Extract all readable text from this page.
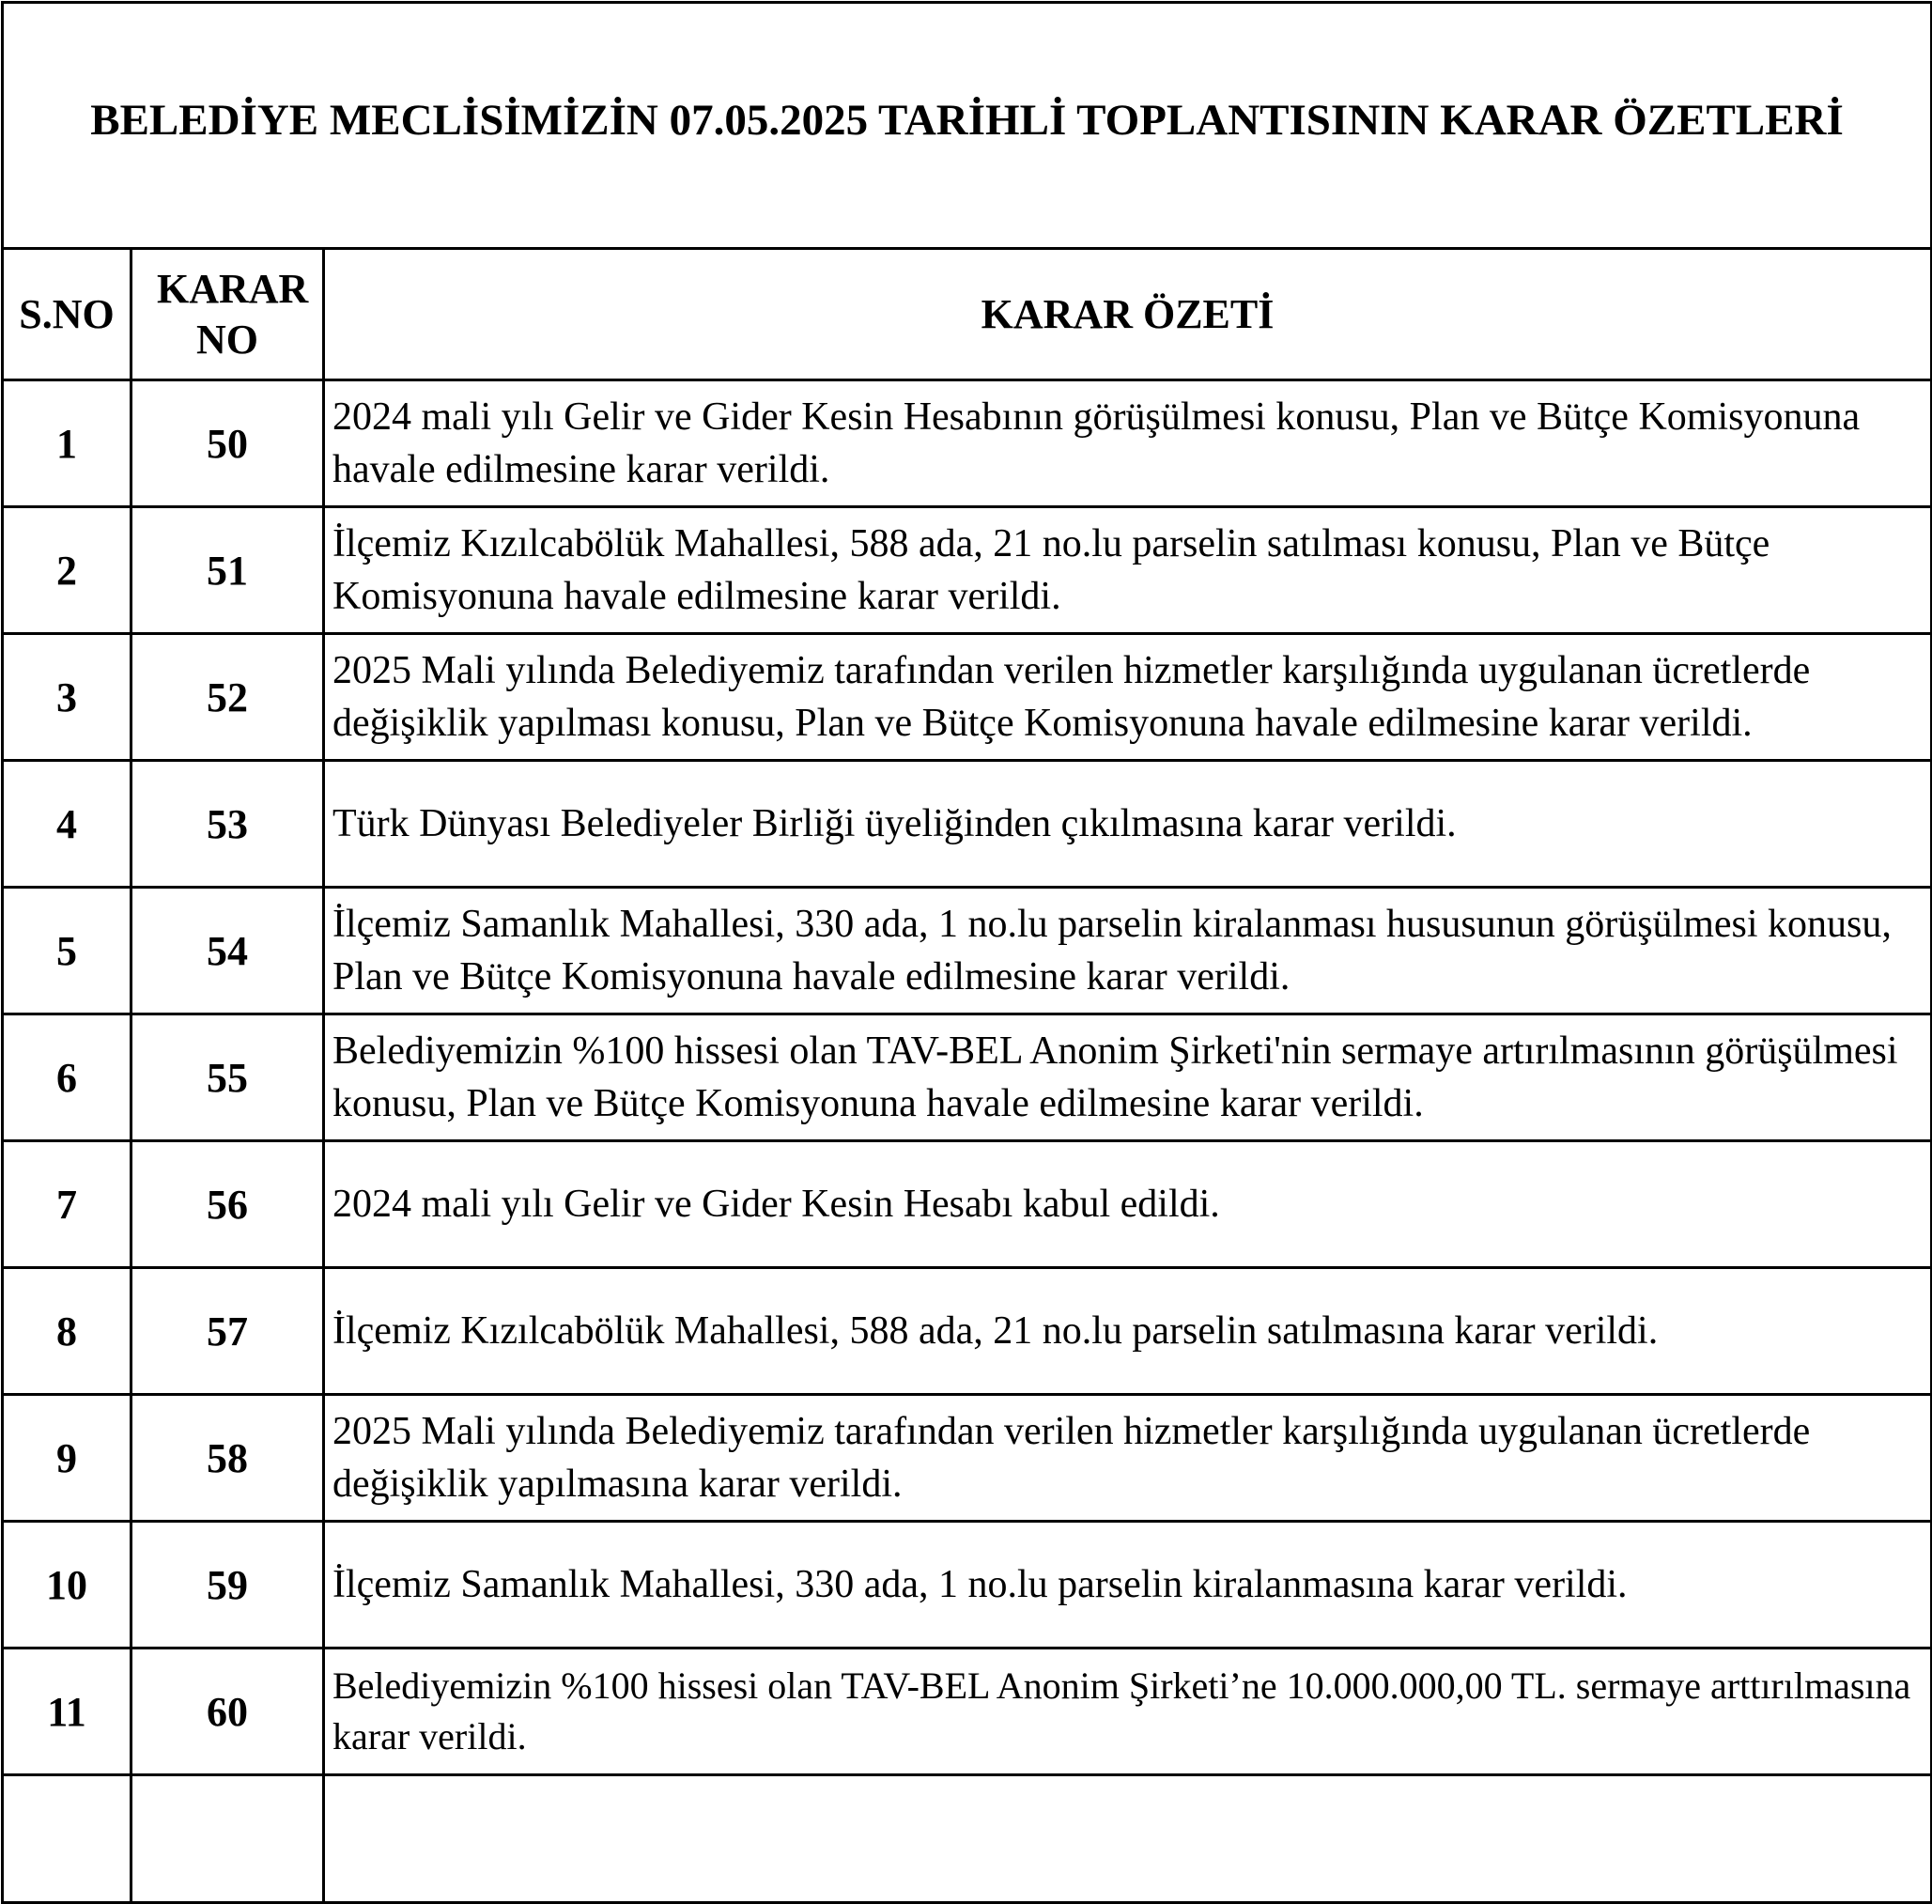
BELEDİYE MECLİSİMİZİN 07.05.2025 TARİHLİ TOPLANTISININ KARAR ÖZETLERİ		
S.NO	KARAR NO	KARAR ÖZETİ
1	50	2024 mali yılı Gelir ve Gider Kesin Hesabının görüşülmesi konusu, Plan ve Bütçe Komisyonuna havale edilmesine karar verildi.
2	51	İlçemiz Kızılcabölük Mahallesi, 588 ada, 21 no.lu parselin satılması konusu, Plan ve Bütçe Komisyonuna havale edilmesine karar verildi.
3	52	2025 Mali yılında Belediyemiz tarafından verilen hizmetler karşılığında uygulanan ücretlerde değişiklik yapılması konusu, Plan ve Bütçe Komisyonuna havale edilmesine karar verildi.
4	53	Türk Dünyası Belediyeler Birliği üyeliğinden çıkılmasına karar verildi.
5	54	İlçemiz Samanlık Mahallesi, 330 ada, 1 no.lu parselin kiralanması hususunun görüşülmesi konusu, Plan ve Bütçe Komisyonuna havale edilmesine karar verildi.
6	55	Belediyemizin %100 hissesi olan TAV-BEL Anonim Şirketi'nin sermaye artırılmasının görüşülmesi konusu, Plan ve Bütçe Komisyonuna havale edilmesine karar verildi.
7	56	2024 mali yılı Gelir ve Gider Kesin Hesabı kabul edildi.
8	57	İlçemiz Kızılcabölük Mahallesi, 588 ada, 21 no.lu parselin satılmasına karar verildi.
9	58	2025 Mali yılında Belediyemiz tarafından verilen hizmetler karşılığında uygulanan ücretlerde değişiklik yapılmasına karar verildi.
10	59	İlçemiz Samanlık Mahallesi, 330 ada, 1 no.lu parselin kiralanmasına karar verildi.
11	60	Belediyemizin %100 hissesi olan TAV-BEL Anonim Şirketi’ne 10.000.000,00 TL. sermaye arttırılmasına karar verildi.
